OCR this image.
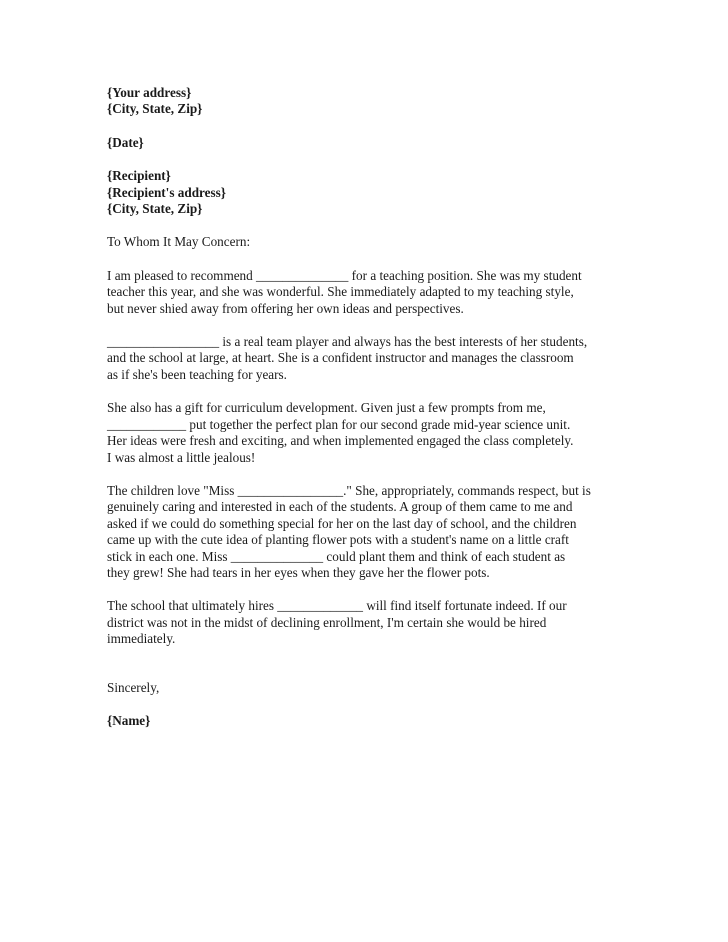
{Your address}
{City, State, Zip}
{Date}
{Recipient}
{Recipient's address}
{City, State, Zip}
To Whom It May Concern:
I am pleased to recommend ______________ for a teaching position. She was my student
teacher this year, and she was wonderful. She immediately adapted to my teaching style,
but never shied away from offering her own ideas and perspectives.
_________________ is a real team player and always has the best interests of her students,
and the school at large, at heart. She is a confident instructor and manages the classroom
as if she's been teaching for years.
She also has a gift for curriculum development. Given just a few prompts from me,
____________ put together the perfect plan for our second grade mid-year science unit.
Her ideas were fresh and exciting, and when implemented engaged the class completely.
I was almost a little jealous!
The children love "Miss ________________." She, appropriately, commands respect, but is
genuinely caring and interested in each of the students. A group of them came to me and
asked if we could do something special for her on the last day of school, and the children
came up with the cute idea of planting flower pots with a student's name on a little craft
stick in each one. Miss ______________ could plant them and think of each student as
they grew! She had tears in her eyes when they gave her the flower pots.
The school that ultimately hires _____________ will find itself fortunate indeed. If our
district was not in the midst of declining enrollment, I'm certain she would be hired
immediately.
Sincerely,
{Name}
